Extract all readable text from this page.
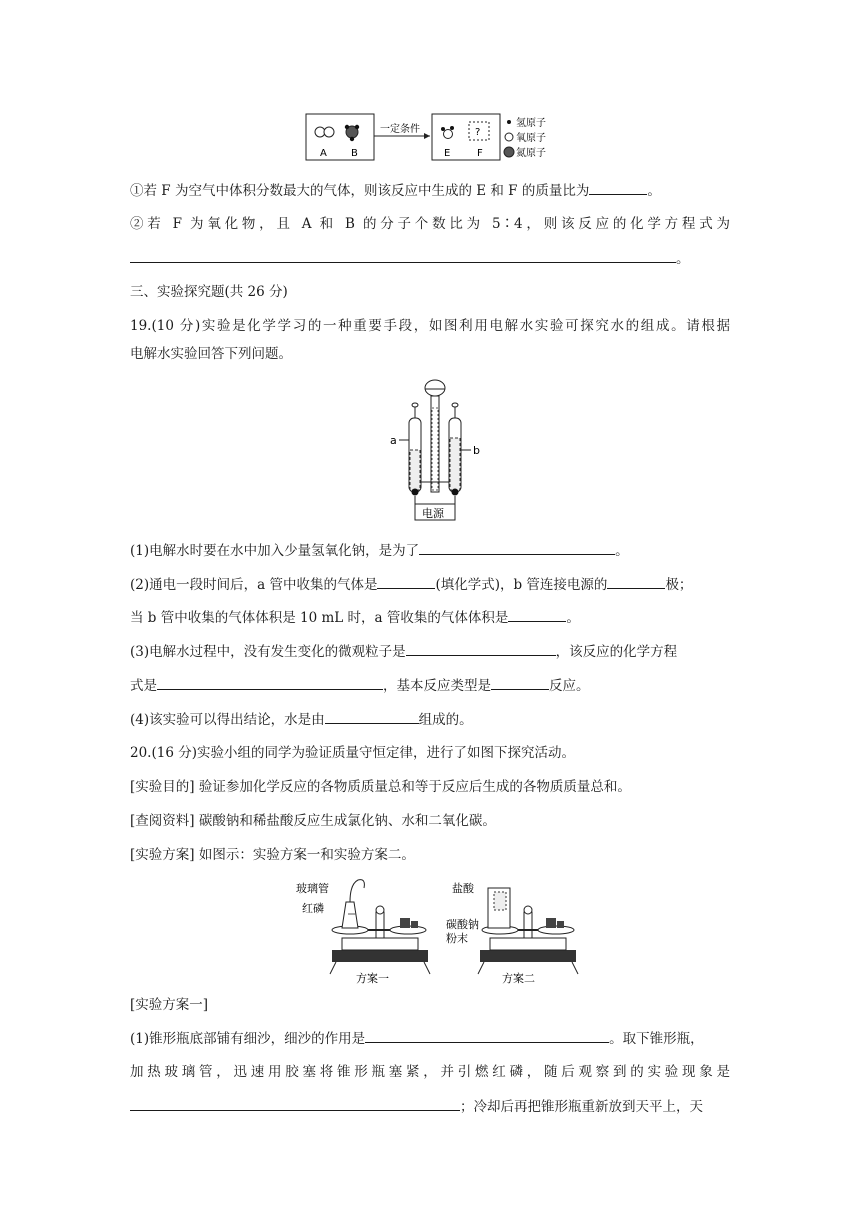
A B
一定条件	?
E	F
氢原子
氧原子
氮原子
①若 F 为空气中体积分数最大的气体，则该反应中生成的 E 和 F 的质量比为	。
②若 F 为氧化物，且 A 和 B 的分子个数比为 5∶4，则该反应的化学方程式为
。
三、实验探究题(共 26 分)
19.(10 分)实验是化学学习的一种重要手段，如图利用电解水实验可探究水的组成。请根据
电解水实验回答下列问题。
电源
a
b
(1)电解水时要在水中加入少量氢氧化钠，是为了	。
(2)通电一段时间后，a 管中收集的气体是	(填化学式)，b 管连接电源的	极；
当 b 管中收集的气体体积是 10 mL 时，a 管收集的气体体积是	。
(3)电解水过程中，没有发生变化的微观粒子是	，该反应的化学方程
式是	，基本反应类型是	反应。
(4)该实验可以得出结论，水是由	组成的。
20.(16 分)实验小组的同学为验证质量守恒定律，进行了如图下探究活动。
[实验目的] 验证参加化学反应的各物质质量总和等于反应后生成的各物质质量总和。
[查阅资料] 碳酸钠和稀盐酸反应生成氯化钠、水和二氧化碳。
[实验方案] 如图示：实验方案一和实验方案二。
玻璃管
红磷
方案一
盐酸
碳酸钠
粉末
方案二
[实验方案一]
(1)锥形瓶底部铺有细沙，细沙的作用是	。取下锥形瓶，
加热玻璃管，迅速用胶塞将锥形瓶塞紧，并引燃红磷，随后观察到的实验现象是
；冷却后再把锥形瓶重新放到天平上，天
